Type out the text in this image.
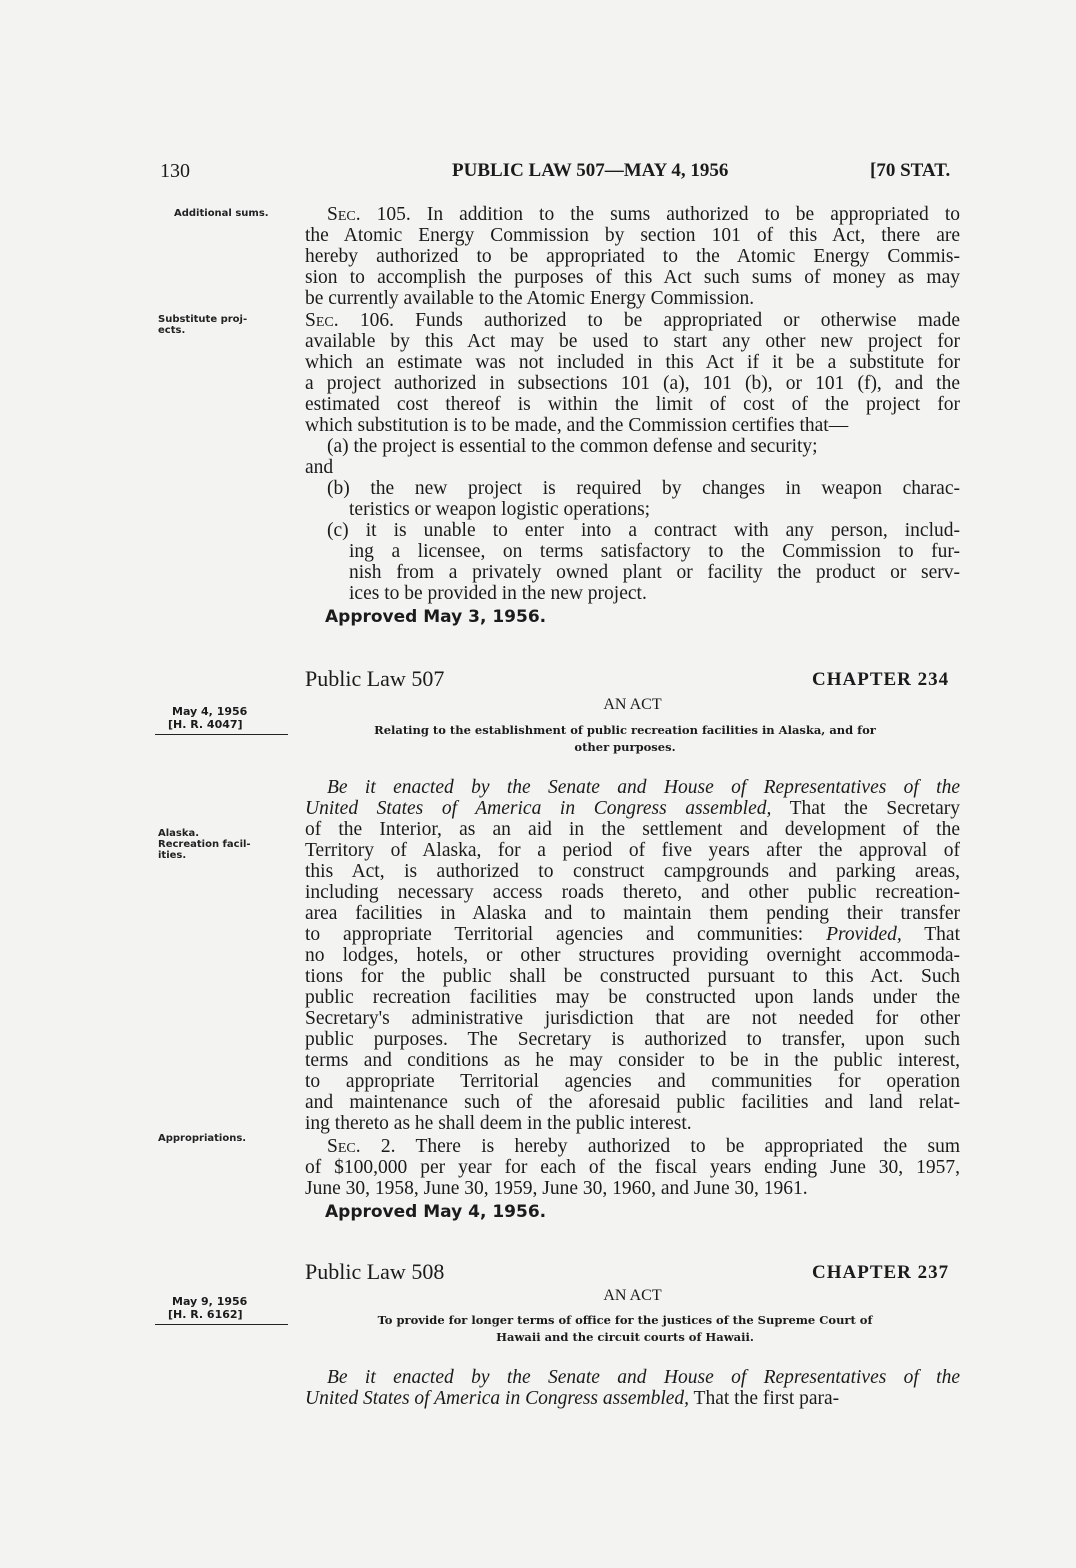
130	PUBLIC LAW 507—MAY 4, 1956	[70 STAT.
Additional sums.
Substitute proj-
ects.
Alaska.
Recreation facil-
ities.
Appropriations.
Sec. 105. In addition to the sums authorized to be appropriated to
the Atomic Energy Commission by section 101 of this Act, there are
hereby authorized to be appropriated to the Atomic Energy Commis-
sion to accomplish the purposes of this Act such sums of money as may
be currently available to the Atomic Energy Commission.
Sec. 106. Funds authorized to be appropriated or otherwise made
available by this Act may be used to start any other new project for
which an estimate was not included in this Act if it be a substitute for
a project authorized in subsections 101 (a), 101 (b), or 101 (f), and the
estimated cost thereof is within the limit of cost of the project for
which substitution is to be made, and the Commission certifies that—
(a) the project is essential to the common defense and security;
and
(b) the new project is required by changes in weapon charac-
teristics or weapon logistic operations;
(c) it is unable to enter into a contract with any person, includ-
ing a licensee, on terms satisfactory to the Commission to fur-
nish from a privately owned plant or facility the product or serv-
ices to be provided in the new project.
Approved May 3, 1956.
Public Law 507	CHAPTER 234
AN ACT
May 4, 1956
[H. R. 4047]	Relating to the establishment of public recreation facilities in Alaska, and for
other purposes.
Be it enacted by the Senate and House of Representatives of the
United States of America in Congress assembled, That the Secretary
of the Interior, as an aid in the settlement and development of the
Territory of Alaska, for a period of five years after the approval of
this Act, is authorized to construct campgrounds and parking areas,
including necessary access roads thereto, and other public recreation-
area facilities in Alaska and to maintain them pending their transfer
to appropriate Territorial agencies and communities: Provided, That
no lodges, hotels, or other structures providing overnight accommoda-
tions for the public shall be constructed pursuant to this Act. Such
public recreation facilities may be constructed upon lands under the
Secretary's administrative jurisdiction that are not needed for other
public purposes. The Secretary is authorized to transfer, upon such
terms and conditions as he may consider to be in the public interest,
to appropriate Territorial agencies and communities for operation
and maintenance such of the aforesaid public facilities and land relat-
ing thereto as he shall deem in the public interest.
Sec. 2. There is hereby authorized to be appropriated the sum
of $100,000 per year for each of the fiscal years ending June 30, 1957,
June 30, 1958, June 30, 1959, June 30, 1960, and June 30, 1961.
Approved May 4, 1956.
Public Law 508	CHAPTER 237
AN ACT
May 9, 1956
[H. R. 6162]	To provide for longer terms of office for the justices of the Supreme Court of
Hawaii and the circuit courts of Hawaii.
Be it enacted by the Senate and House of Representatives of the
United States of America in Congress assembled, That the first para-
